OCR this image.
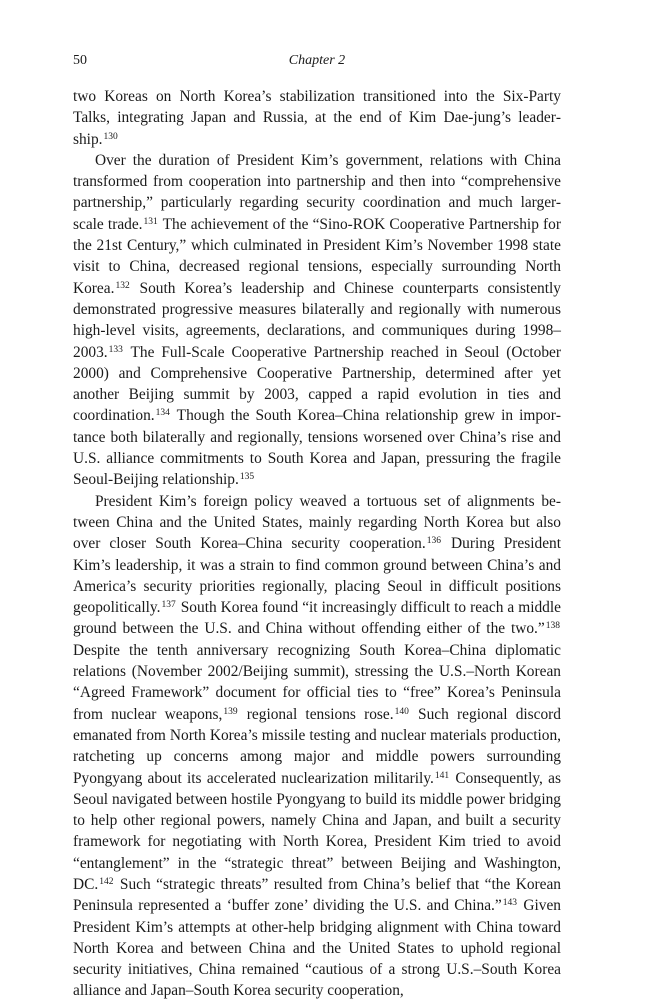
50	Chapter 2

two Koreas on North Korea’s stabilization transitioned into the Six-Party Talks, integrating Japan and Russia, at the end of Kim Dae-jung’s leadership.$^{130}$

Over the duration of President Kim’s government, relations with China transformed from cooperation into partnership and then into “comprehensive partnership,” particularly regarding security coordination and much larger-scale trade.$^{131}$ The achievement of the “Sino-ROK Cooperative Partnership for the 21st Century,” which culminated in President Kim’s November 1998 state visit to China, decreased regional tensions, especially surrounding North Korea.$^{132}$ South Korea’s leadership and Chinese counterparts consistently demonstrated progressive measures bilaterally and regionally with numerous high-level visits, agreements, declarations, and communiques during 1998–2003.$^{133}$ The Full-Scale Cooperative Partnership reached in Seoul (October 2000) and Comprehensive Cooperative Partnership, determined after yet another Beijing summit by 2003, capped a rapid evolution in ties and coordination.$^{134}$ Though the South Korea–China relationship grew in importance both bilaterally and regionally, tensions worsened over China’s rise and U.S. alliance commitments to South Korea and Japan, pressuring the fragile Seoul-Beijing relationship.$^{135}$

President Kim’s foreign policy weaved a tortuous set of alignments between China and the United States, mainly regarding North Korea but also over closer South Korea–China security cooperation.$^{136}$ During President Kim’s leadership, it was a strain to find common ground between China’s and America’s security priorities regionally, placing Seoul in difficult positions geopolitically.$^{137}$ South Korea found “it increasingly difficult to reach a middle ground between the U.S. and China without offending either of the two.”$^{138}$ Despite the tenth anniversary recognizing South Korea–China diplomatic relations (November 2002/Beijing summit), stressing the U.S.–North Korean “Agreed Framework” document for official ties to “free” Korea’s Peninsula from nuclear weapons,$^{139}$ regional tensions rose.$^{140}$ Such regional discord emanated from North Korea’s missile testing and nuclear materials production, ratcheting up concerns among major and middle powers surrounding Pyongyang about its accelerated nuclearization militarily.$^{141}$ Consequently, as Seoul navigated between hostile Pyongyang to build its middle power bridging to help other regional powers, namely China and Japan, and built a security framework for negotiating with North Korea, President Kim tried to avoid “entanglement” in the “strategic threat” between Beijing and Washington, DC.$^{142}$ Such “strategic threats” resulted from China’s belief that “the Korean Peninsula represented a ‘buffer zone’ dividing the U.S. and China.”$^{143}$ Given President Kim’s attempts at other-help bridging alignment with China toward North Korea and between China and the United States to uphold regional security initiatives, China remained “cautious of a strong U.S.–South Korea alliance and Japan–South Korea security cooperation,
